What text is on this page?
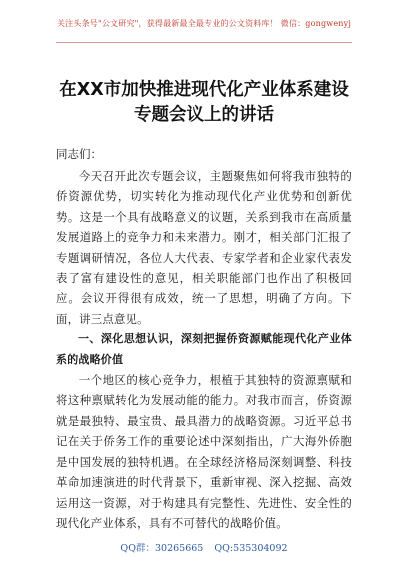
关注头条号"公文研究"，获得最新最全最专业的公文资料库！ 微信：gongwenyj
在XX市加快推进现代化产业体系建设专题会议上的讲话

同志们：

今天召开此次专题会议，主题聚焦如何将我市独特的侨资源优势，切实转化为推动现代化产业优势和创新优势。这是一个具有战略意义的议题，关系到我市在高质量发展道路上的竞争力和未来潜力。刚才，相关部门汇报了专题调研情况，各位人大代表、专家学者和企业家代表发表了富有建设性的意见，相关职能部门也作出了积极回应。会议开得很有成效，统一了思想，明确了方向。下面，讲三点意见。

一、深化思想认识，深刻把握侨资源赋能现代化产业体系的战略价值

一个地区的核心竞争力，根植于其独特的资源禀赋和将这种禀赋转化为发展动能的能力。对我市而言，侨资源就是最独特、最宝贵、最具潜力的战略资源。习近平总书记在关于侨务工作的重要论述中深刻指出，广大海外侨胞是中国发展的独特机遇。在全球经济格局深刻调整、科技革命加速演进的时代背景下，重新审视、深入挖掘、高效运用这一资源，对于构建具有完整性、先进性、安全性的现代化产业体系，具有不可替代的战略价值。

QQ群：30265665 QQ:535304092
